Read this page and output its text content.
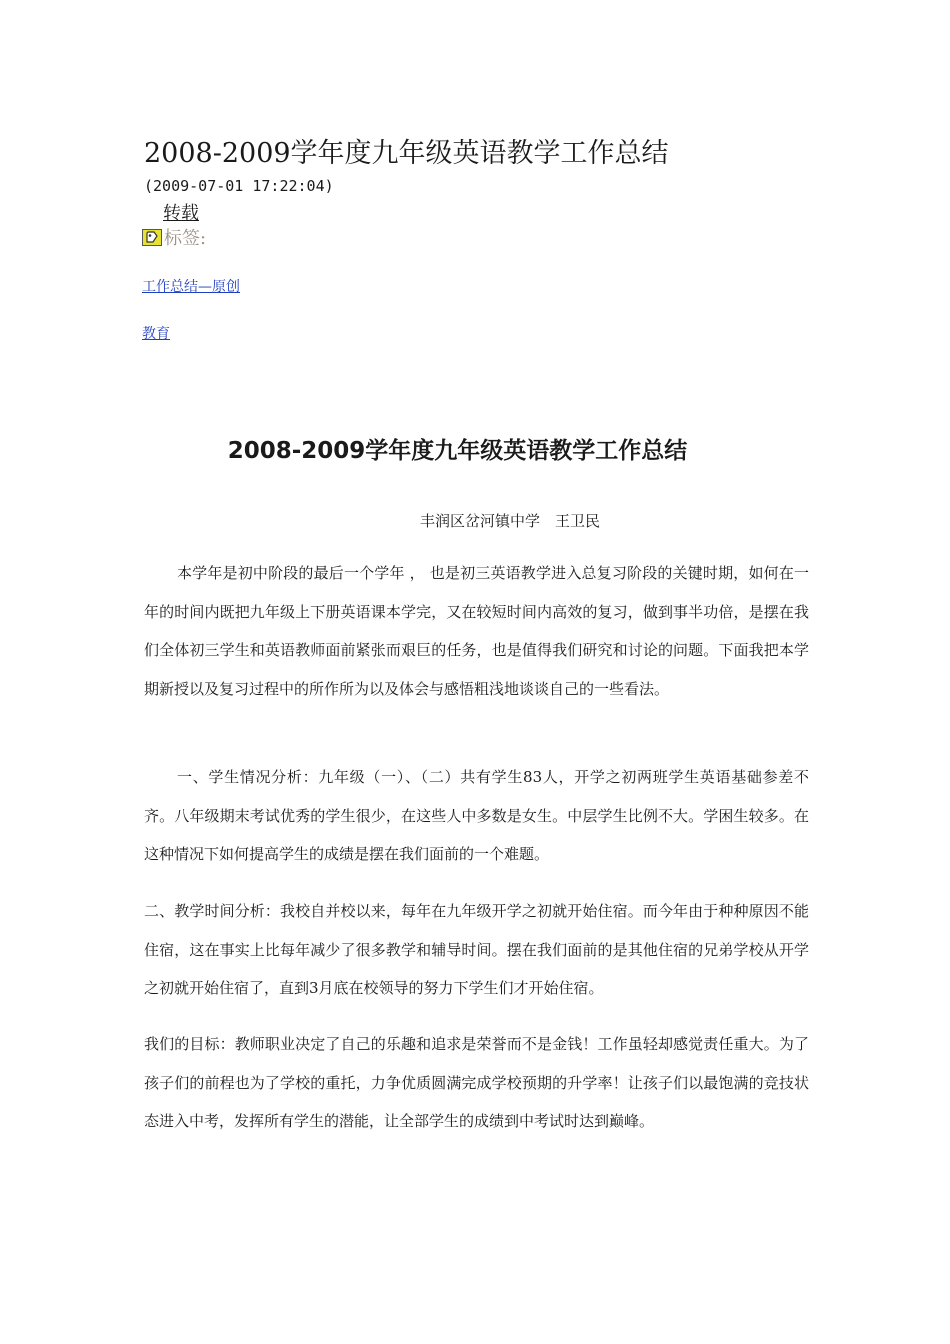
2008-2009学年度九年级英语教学工作总结
(2009-07-01 17:22:04)
转载
标签:
工作总结—原创
教育
2008-2009学年度九年级英语教学工作总结
丰润区岔河镇中学　王卫民

本学年是初中阶段的最后一个学年 ， 也是初三英语教学进入总复习阶段的关键时期，如何在一年的时间内既把九年级上下册英语课本学完，又在较短时间内高效的复习，做到事半功倍，是摆在我们全体初三学生和英语教师面前紧张而艰巨的任务，也是值得我们研究和讨论的问题。下面我把本学期新授以及复习过程中的所作所为以及体会与感悟粗浅地谈谈自己的一些看法。

一、学生情况分析：九年级（一）、（二）共有学生83人，开学之初两班学生英语基础参差不齐。八年级期末考试优秀的学生很少，在这些人中多数是女生。中层学生比例不大。学困生较多。在这种情况下如何提高学生的成绩是摆在我们面前的一个难题。

二、教学时间分析：我校自并校以来，每年在九年级开学之初就开始住宿。而今年由于种种原因不能住宿，这在事实上比每年减少了很多教学和辅导时间。摆在我们面前的是其他住宿的兄弟学校从开学之初就开始住宿了，直到3月底在校领导的努力下学生们才开始住宿。

我们的目标：教师职业决定了自己的乐趣和追求是荣誉而不是金钱！工作虽轻却感觉责任重大。为了孩子们的前程也为了学校的重托，力争优质圆满完成学校预期的升学率！让孩子们以最饱满的竞技状态进入中考，发挥所有学生的潜能，让全部学生的成绩到中考试时达到巅峰。
